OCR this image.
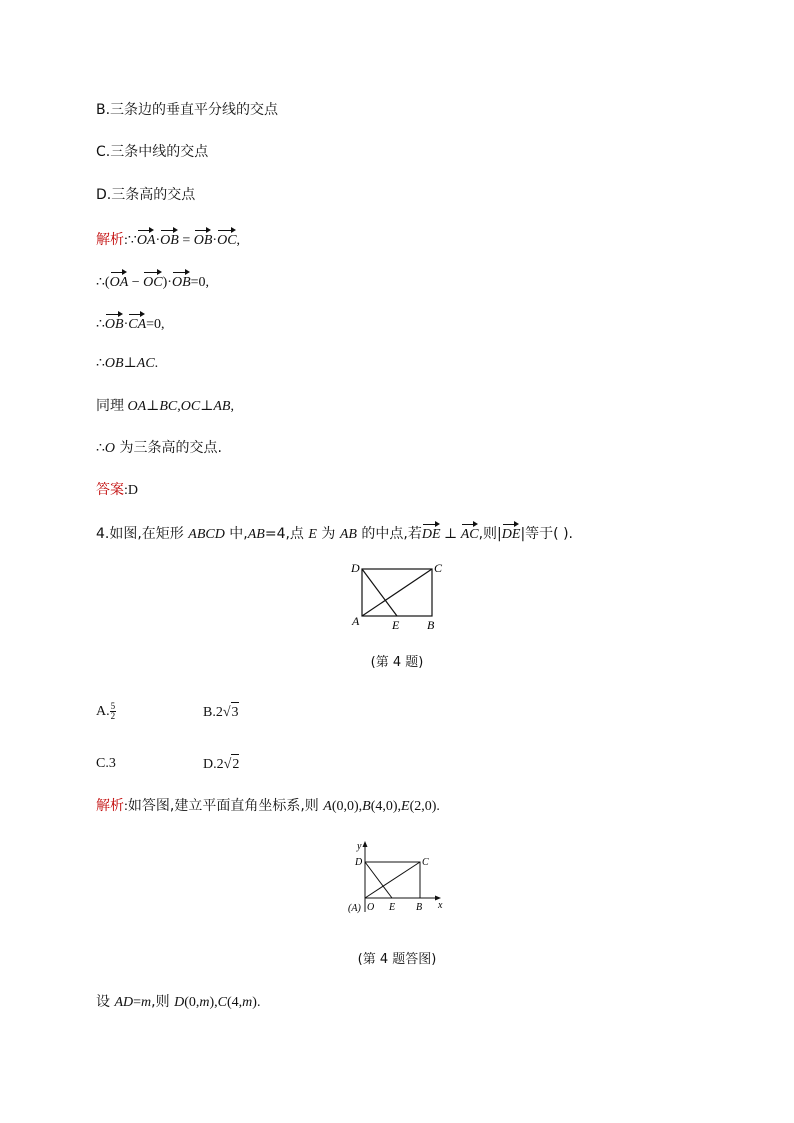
B.三条边的垂直平分线的交点
C.三条中线的交点
D.三条高的交点
解析:∵OA·OB = OB·OC,
∴(OA − OC)·OB=0,
∴OB·CA=0,
∴OB⊥AC.
同理 OA⊥BC,OC⊥AB,
∴O 为三条高的交点.
答案:D
4.如图,在矩形 ABCD 中,AB=4,点 E 为 AB 的中点,若DE ⊥ AC,则|DE|等于( ).
D	C
A	E B
(第 4 题)
A. $\frac{5}{2}$	B.2√3
C.3	D.2√2
解析:如答图,建立平面直角坐标系,则 A(0,0),B(4,0),E(2,0).
y
D	C
(A) O E B x
(第 4 题答图)
设 AD=m,则 D(0,m),C(4,m).
